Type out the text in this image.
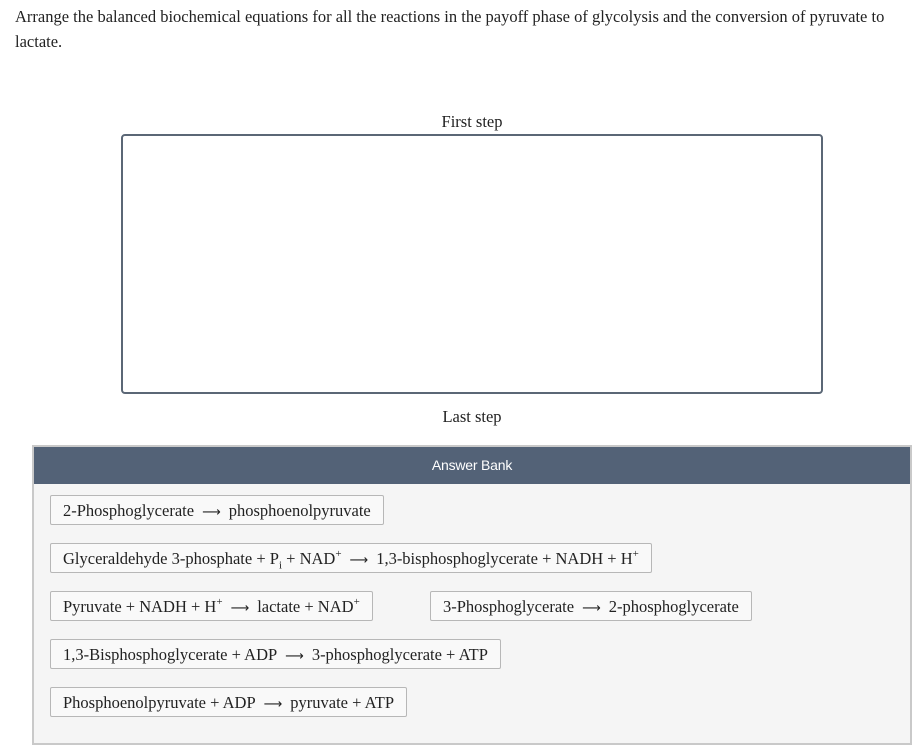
Arrange the balanced biochemical equations for all the reactions in the payoff phase of glycolysis and the conversion of pyruvate to lactate.
First step
Last step
Answer Bank
2-Phosphoglycerate ⟶ phosphoenolpyruvate
Glyceraldehyde 3-phosphate + $P_i + NAD^+$ ⟶ 1,3-bisphosphoglycerate + NADH + H+
Pyruvate + NADH + H+ ⟶ lactate + NAD+	3-Phosphoglycerate ⟶ 2-phosphoglycerate
1,3-Bisphosphoglycerate + ADP ⟶ 3-phosphoglycerate + ATP
Phosphoenolpyruvate + ADP ⟶ pyruvate + ATP
